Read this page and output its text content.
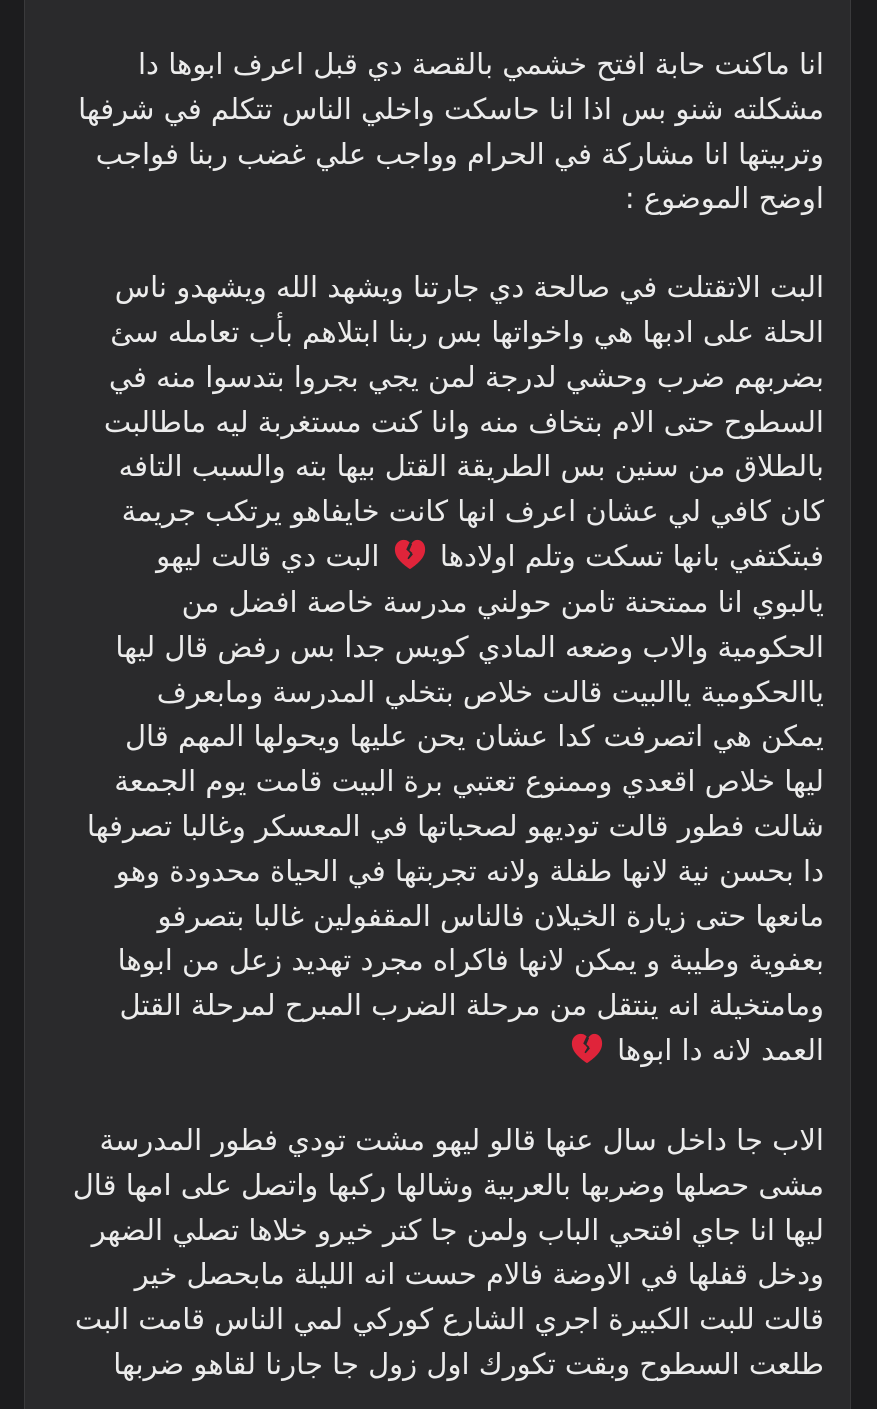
انا ماكنت حابة افتح خشمي بالقصة دي قبل اعرف ابوها دا
مشكلته شنو بس اذا انا حاسكت واخلي الناس تتكلم في شرفها
وتربيتها انا مشاركة في الحرام وواجب علي غضب ربنا فواجب
اوضح الموضوع :
البت الاتقتلت في صالحة دي جارتنا ويشهد الله ويشهدو ناس
الحلة على ادبها هي واخواتها بس ربنا ابتلاهم بأب تعامله سئ
بضربهم ضرب وحشي لدرجة لمن يجي بجروا بتدسوا منه في
السطوح حتى الام بتخاف منه وانا كنت مستغربة ليه ماطالبت
بالطلاق من سنين بس الطريقة القتل بيها بته والسبب التافه
كان كافي لي عشان اعرف انها كانت خايفاهو يرتكب جريمة
فبتكتفي بانها تسكت وتلم اولادها  البت دي قالت ليهو
يالبوي انا ممتحنة تامن حولني مدرسة خاصة افضل من
الحكومية والاب وضعه المادي كويس جدا بس رفض قال ليها
ياالحكومية ياالبيت قالت خلاص بتخلي المدرسة ومابعرف
يمكن هي اتصرفت كدا عشان يحن عليها ويحولها المهم قال
ليها خلاص اقعدي وممنوع تعتبي برة البيت قامت يوم الجمعة
شالت فطور قالت توديهو لصحباتها في المعسكر وغالبا تصرفها
دا بحسن نية لانها طفلة ولانه تجربتها في الحياة محدودة وهو
مانعها حتى زيارة الخيلان فالناس المقفولين غالبا بتصرفو
بعفوية وطيبة و يمكن لانها فاكراه مجرد تهديد زعل من ابوها
ومامتخيلة انه ينتقل من مرحلة الضرب المبرح لمرحلة القتل
العمد لانه دا ابوها
الاب جا داخل سال عنها قالو ليهو مشت تودي فطور المدرسة
مشى حصلها وضربها بالعربية وشالها ركبها واتصل على امها قال
ليها انا جاي افتحي الباب ولمن جا كتر خيرو خلاها تصلي الضهر
ودخل قفلها في الاوضة فالام حست انه الليلة مابحصل خير
قالت للبت الكبيرة اجري الشارع كوركي لمي الناس قامت البت
طلعت السطوح وبقت تكورك اول زول جا جارنا لقاهو ضربها
